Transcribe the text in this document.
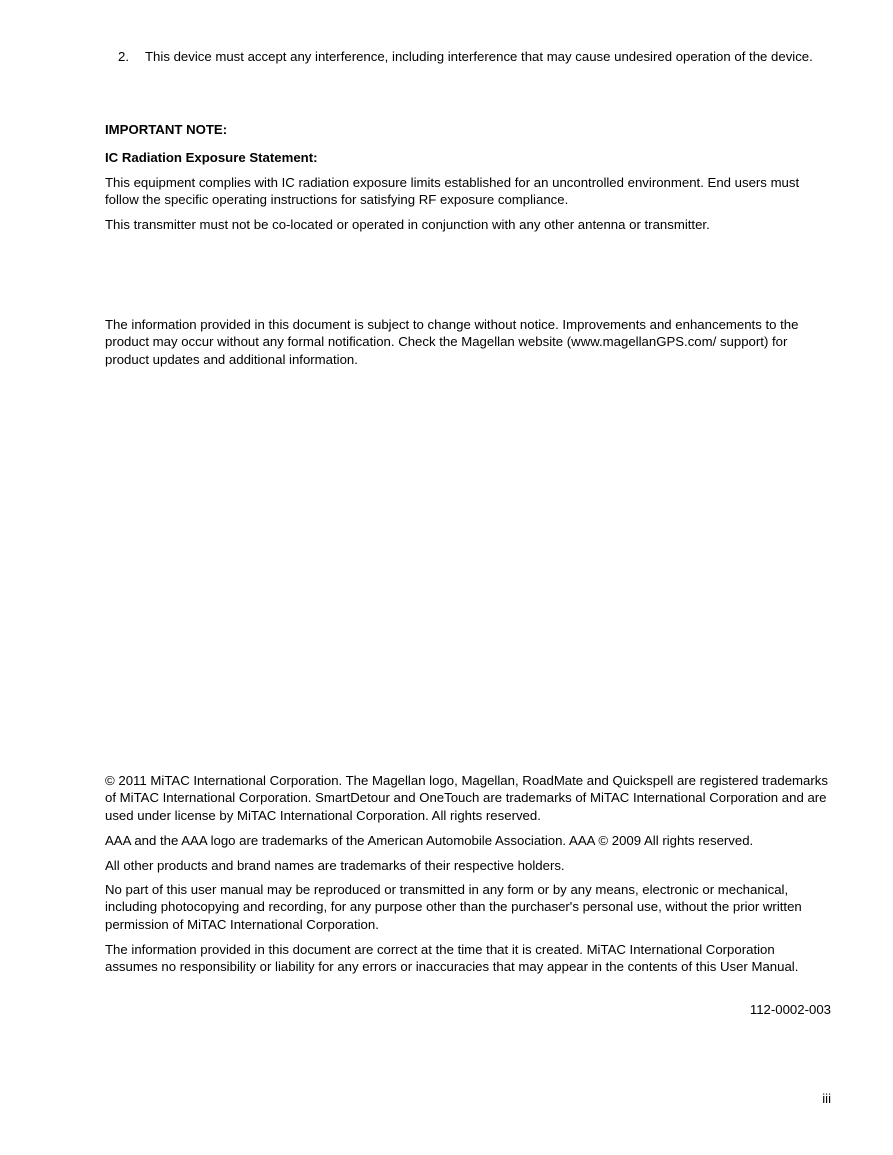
2. This device must accept any interference, including interference that may cause undesired operation of the device.

IMPORTANT NOTE:

IC Radiation Exposure Statement:

This equipment complies with IC radiation exposure limits established for an uncontrolled environment. End users must follow the specific operating instructions for satisfying RF exposure compliance.

This transmitter must not be co-located or operated in conjunction with any other antenna or transmitter.

The information provided in this document is subject to change without notice. Improvements and enhancements to the product may occur without any formal notification. Check the Magellan website (www.magellanGPS.com/ support) for product updates and additional information.

© 2011 MiTAC International Corporation. The Magellan logo, Magellan, RoadMate and Quickspell are registered trademarks of MiTAC International Corporation. SmartDetour and OneTouch are trademarks of MiTAC International Corporation and are used under license by MiTAC International Corporation. All rights reserved.

AAA and the AAA logo are trademarks of the American Automobile Association. AAA © 2009 All rights reserved.

All other products and brand names are trademarks of their respective holders.

No part of this user manual may be reproduced or transmitted in any form or by any means, electronic or mechanical, including photocopying and recording, for any purpose other than the purchaser's personal use, without the prior written permission of MiTAC International Corporation.

The information provided in this document are correct at the time that it is created. MiTAC International Corporation assumes no responsibility or liability for any errors or inaccuracies that may appear in the contents of this User Manual.

112-0002-003

iii
